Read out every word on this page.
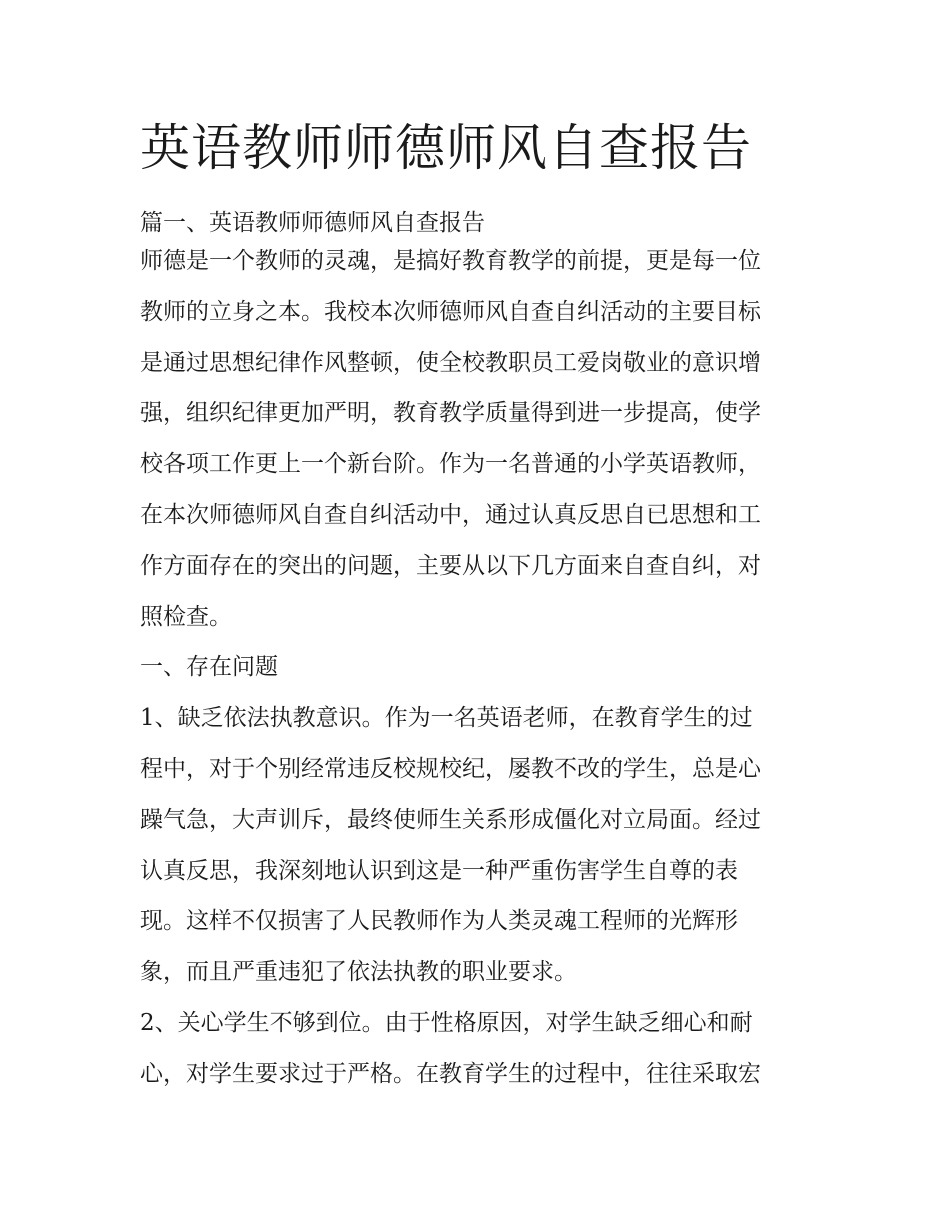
英语教师师德师风自查报告
篇一、英语教师师德师风自查报告
师德是一个教师的灵魂，是搞好教育教学的前提，更是每一位
教师的立身之本。我校本次师德师风自查自纠活动的主要目标
是通过思想纪律作风整顿，使全校教职员工爱岗敬业的意识增
强，组织纪律更加严明，教育教学质量得到进一步提高，使学
校各项工作更上一个新台阶。作为一名普通的小学英语教师，
在本次师德师风自查自纠活动中，通过认真反思自已思想和工
作方面存在的突出的问题，主要从以下几方面来自查自纠，对
照检查。
一、存在问题
1、缺乏依法执教意识。作为一名英语老师，在教育学生的过
程中，对于个别经常违反校规校纪，屡教不改的学生，总是心
躁气急，大声训斥，最终使师生关系形成僵化对立局面。经过
认真反思，我深刻地认识到这是一种严重伤害学生自尊的表
现。这样不仅损害了人民教师作为人类灵魂工程师的光辉形
象，而且严重违犯了依法执教的职业要求。
2、关心学生不够到位。由于性格原因，对学生缺乏细心和耐
心，对学生要求过于严格。在教育学生的过程中，往往采取宏
